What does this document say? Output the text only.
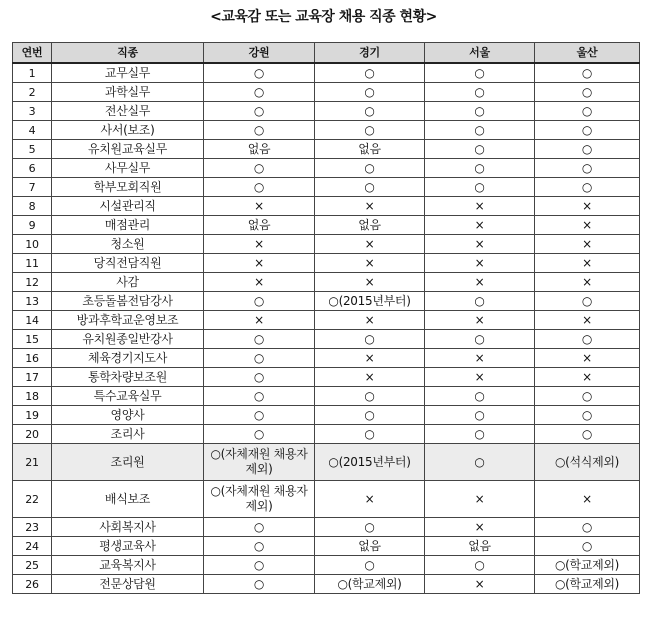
<교육감 또는 교육장 채용 직종 현황>
연번	직종	강원	경기	서울	울산
1	교무실무	○	○	○	○
2	과학실무	○	○	○	○
3	전산실무	○	○	○	○
4	사서(보조)	○	○	○	○
5	유치원교육실무	없음	없음	○	○
6	사무실무	○	○	○	○
7	학부모회직원	○	○	○	○
8	시설관리직	×	×	×	×
9	매점관리	없음	없음	×	×
10	청소원	×	×	×	×
11	당직전담직원	×	×	×	×
12	사감	×	×	×	×
13	초등돌봄전담강사	○	○(2015년부터)	○	○
14	방과후학교운영보조	×	×	×	×
15	유치원종일반강사	○	○	○	○
16	체육경기지도사	○	×	×	×
17	통학차량보조원	○	×	×	×
18	특수교육실무	○	○	○	○
19	영양사	○	○	○	○
20	조리사	○	○	○	○
21	조리원	○(자체재원 채용자 제외)	○(2015년부터)	○	○(석식제외)
22	배식보조	○(자체재원 채용자 제외)	×	×	×
23	사회복지사	○	○	×	○
24	평생교육사	○	없음	없음	○
25	교육복지사	○	○	○	○(학교제외)
26	전문상담원	○	○(학교제외)	×	○(학교제외)
